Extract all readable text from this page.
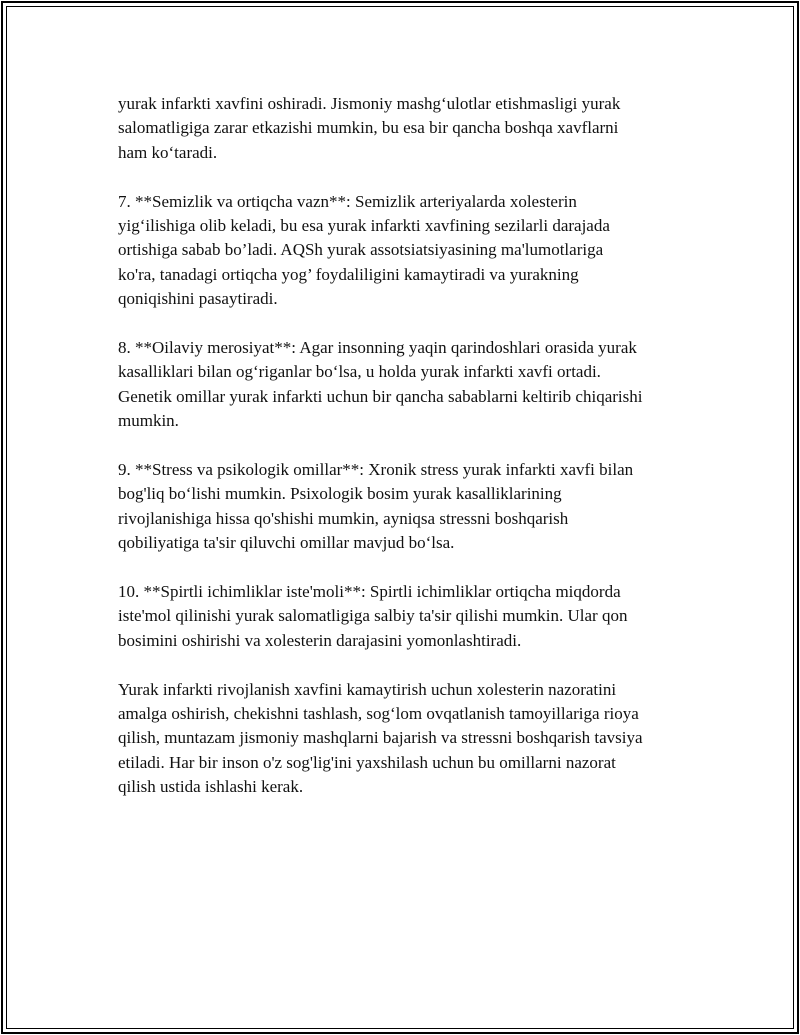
yurak infarkti xavfini oshiradi. Jismoniy mashg‘ulotlar etishmasligi yurak
salomatligiga zarar etkazishi mumkin, bu esa bir qancha boshqa xavflarni
ham ko‘taradi.

7. **Semizlik va ortiqcha vazn**: Semizlik arteriyalarda xolesterin
yig‘ilishiga olib keladi, bu esa yurak infarkti xavfining sezilarli darajada
ortishiga sabab bo’ladi. AQSh yurak assotsiatsiyasining ma'lumotlariga
ko'ra, tanadagi ortiqcha yog’ foydaliligini kamaytiradi va yurakning
qoniqishini pasaytiradi.

8. **Oilaviy merosiyat**: Agar insonning yaqin qarindoshlari orasida yurak
kasalliklari bilan og‘riganlar bo‘lsa, u holda yurak infarkti xavfi ortadi.
Genetik omillar yurak infarkti uchun bir qancha sabablarni keltirib chiqarishi
mumkin.

9. **Stress va psikologik omillar**: Xronik stress yurak infarkti xavfi bilan
bog'liq bo‘lishi mumkin. Psixologik bosim yurak kasalliklarining
rivojlanishiga hissa qo'shishi mumkin, ayniqsa stressni boshqarish
qobiliyatiga ta'sir qiluvchi omillar mavjud bo‘lsa.

10. **Spirtli ichimliklar iste'moli**: Spirtli ichimliklar ortiqcha miqdorda
iste'mol qilinishi yurak salomatligiga salbiy ta'sir qilishi mumkin. Ular qon
bosimini oshirishi va xolesterin darajasini yomonlashtiradi.

Yurak infarkti rivojlanish xavfini kamaytirish uchun xolesterin nazoratini
amalga oshirish, chekishni tashlash, sog‘lom ovqatlanish tamoyillariga rioya
qilish, muntazam jismoniy mashqlarni bajarish va stressni boshqarish tavsiya
etiladi. Har bir inson o'z sog'lig'ini yaxshilash uchun bu omillarni nazorat
qilish ustida ishlashi kerak.
